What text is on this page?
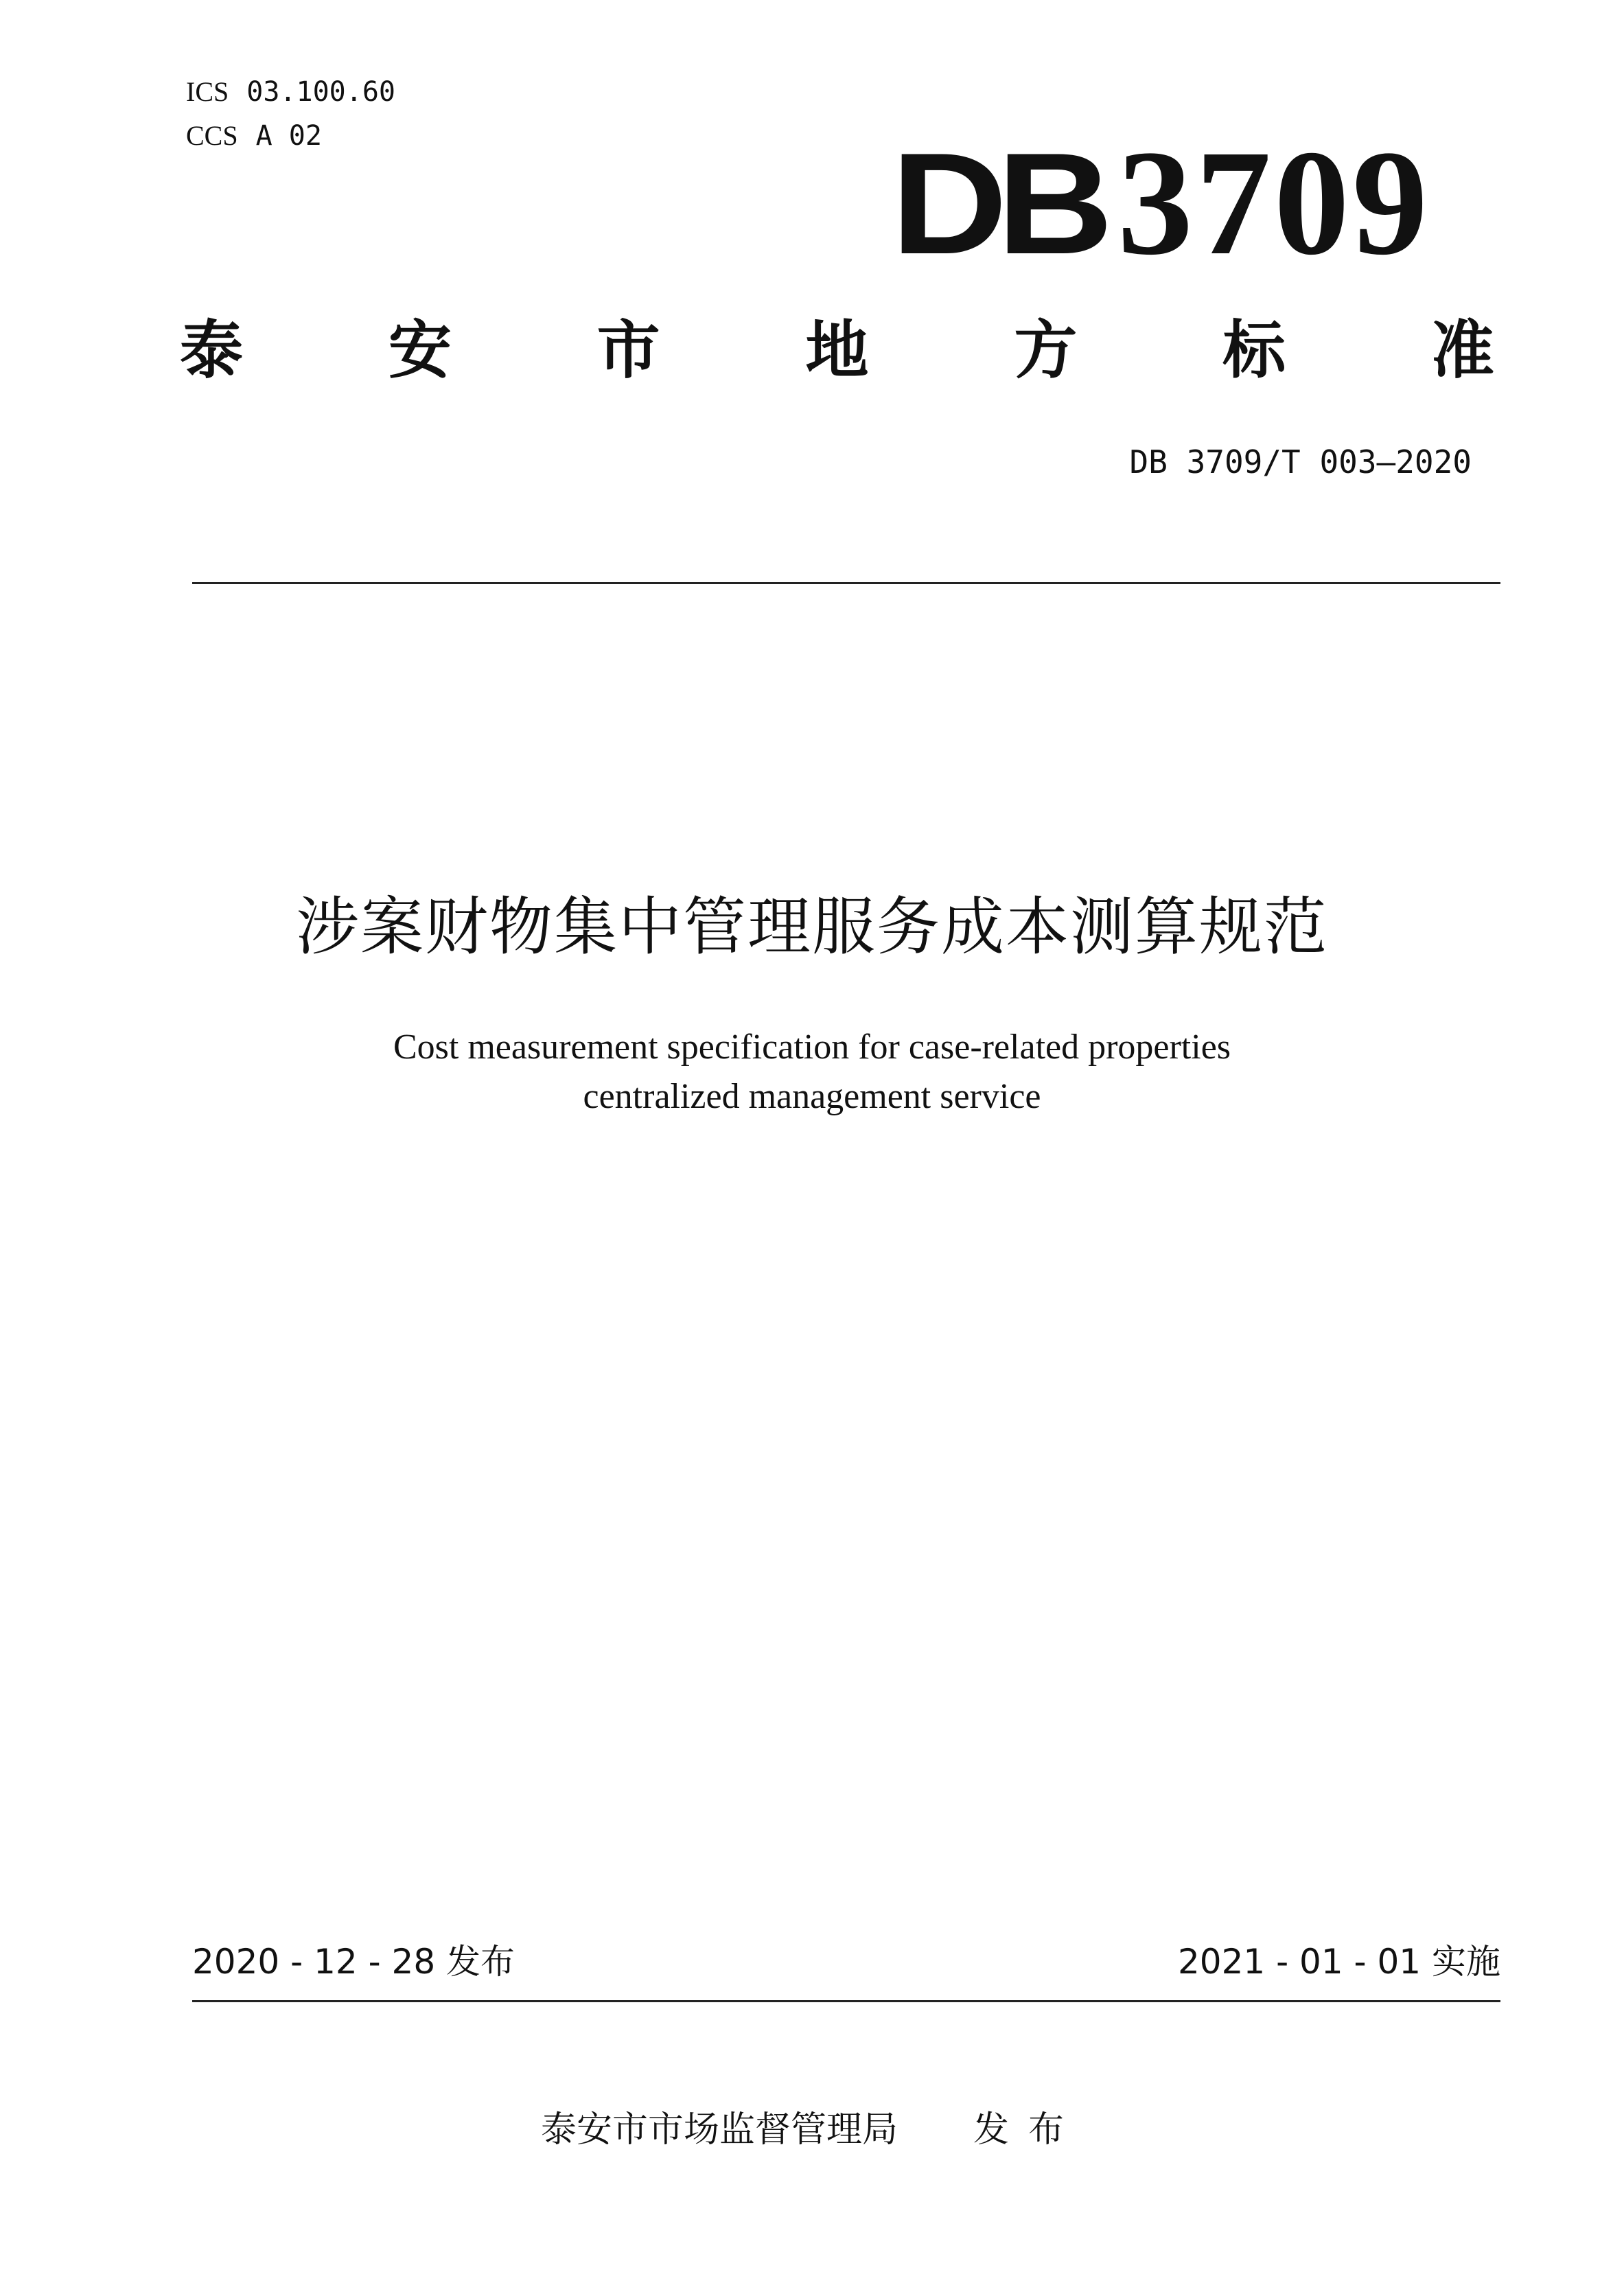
ICS 03.100.60
CCS A 02	DB 3709
泰 安 市 地 方 标 准
DB 3709/T 003—2020
涉案财物集中管理服务成本测算规范
Cost measurement specification for case-related properties
centralized management service
2020 - 12 - 28 发布	2021 - 01 - 01 实施
泰安市市场监督管理局 发布
